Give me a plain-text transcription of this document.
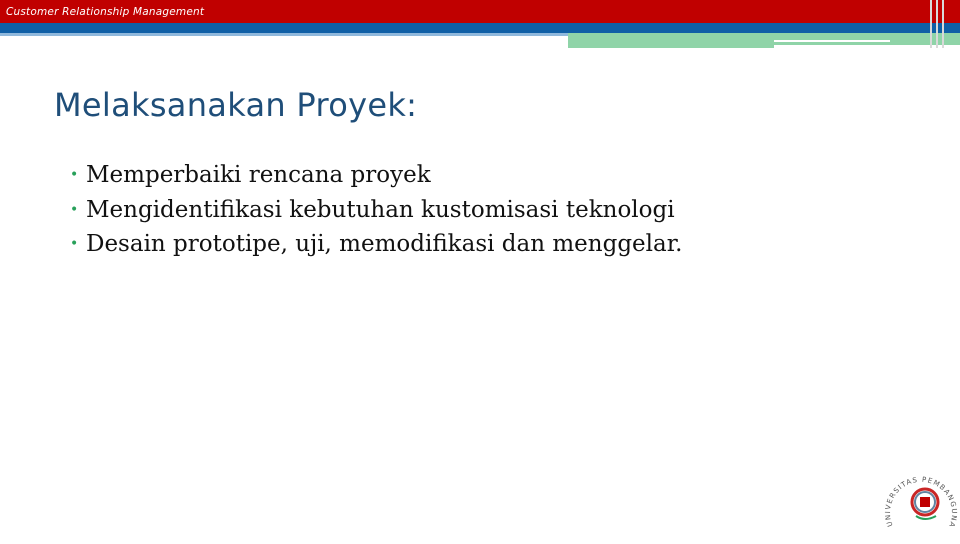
Customer Relationship Management
Melaksanakan Proyek:
• Memperbaiki rencana proyek
• Mengidentifikasi kebutuhan kustomisasi teknologi
• Desain prototipe, uji, memodifikasi dan menggelar.
UNIVERSITAS PEMBANGUNA
